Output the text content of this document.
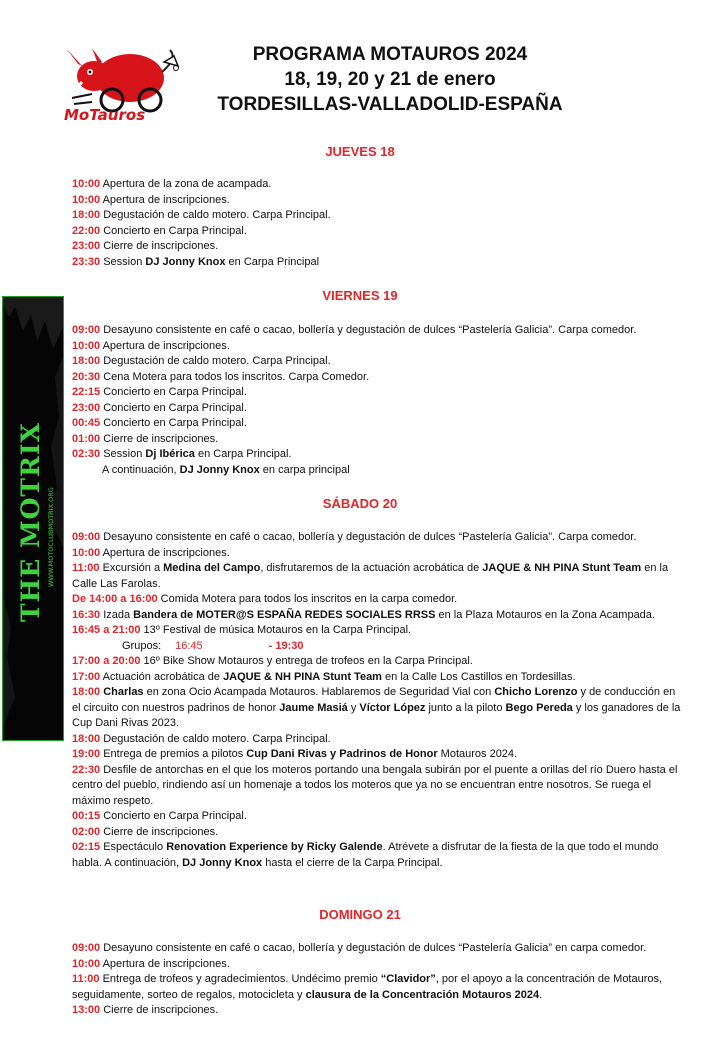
MoTauros
PROGRAMA MOTAUROS 2024
18, 19, 20 y 21 de enero
TORDESILLAS-VALLADOLID-ESPAÑA
THE MOTRIX WWW.MOTOCLUBMOTRIX.ORG
JUEVES 18
10:00 Apertura de la zona de acampada.
10:00 Apertura de inscripciones.
18:00 Degustación de caldo motero. Carpa Principal.
22:00 Concierto en Carpa Principal.
23:00 Cierre de inscripciones.
23:30 Session DJ Jonny Knox en Carpa Principal
VIERNES 19
09:00 Desayuno consistente en café o cacao, bollería y degustación de dulces “Pastelería Galicia”. Carpa comedor.
10:00 Apertura de inscripciones.
18:00 Degustación de caldo motero. Carpa Principal.
20:30 Cena Motera para todos los inscritos. Carpa Comedor.
22:15 Concierto en Carpa Principal.
23:00 Concierto en Carpa Principal.
00:45 Concierto en Carpa Principal.
01:00 Cierre de inscripciones.
02:30 Session Dj Ibérica en Carpa Principal.
A continuación, DJ Jonny Knox en carpa principal
SÁBADO 20
09:00 Desayuno consistente en café o cacao, bollería y degustación de dulces “Pastelería Galicia”. Carpa comedor.
10:00 Apertura de inscripciones.
11:00 Excursión a Medina del Campo, disfrutaremos de la actuación acrobática de JAQUE & NH PINA Stunt Team en la Calle Las Farolas.
De 14:00 a 16:00 Comida Motera para todos los inscritos en la carpa comedor.
16:30 Izada Bandera de MOTER@S ESPAÑA REDES SOCIALES RRSS en la Plaza Motauros en la Zona Acampada.
16:45 a 21:00 13º Festival de música Motauros en la Carpa Principal.
Grupos: 16:45	- 19:30
17:00 a 20:00 16º Bike Show Motauros y entrega de trofeos en la Carpa Principal.
17:00 Actuación acrobática de JAQUE & NH PINA Stunt Team en la Calle Los Castillos en Tordesillas.
18:00 Charlas en zona Ocio Acampada Motauros. Hablaremos de Seguridad Vial con Chicho Lorenzo y de conducción en el circuito con nuestros padrinos de honor Jaume Masiá y Víctor López junto a la piloto Bego Pereda y los ganadores de la Cup Dani Rivas 2023.
18:00 Degustación de caldo motero. Carpa Principal.
19:00 Entrega de premios a pilotos Cup Dani Rivas y Padrinos de Honor Motauros 2024.
22:30 Desfile de antorchas en el que los moteros portando una bengala subirán por el puente a orillas del río Duero hasta el centro del pueblo, rindiendo así un homenaje a todos los moteros que ya no se encuentran entre nosotros. Se ruega el máximo respeto.
00:15 Concierto en Carpa Principal.
02:00 Cierre de inscripciones.
02:15 Espectáculo Renovation Experience by Ricky Galende. Atrévete a disfrutar de la fiesta de la que todo el mundo habla. A continuación, DJ Jonny Knox hasta el cierre de la Carpa Principal.
DOMINGO 21
09:00 Desayuno consistente en café o cacao, bollería y degustación de dulces “Pastelería Galicia” en carpa comedor.
10:00 Apertura de inscripciones.
11:00 Entrega de trofeos y agradecimientos. Undécimo premio “Clavidor”, por el apoyo a la concentración de Motauros, seguidamente, sorteo de regalos, motocicleta y clausura de la Concentración Motauros 2024.
13:00 Cierre de inscripciones.
